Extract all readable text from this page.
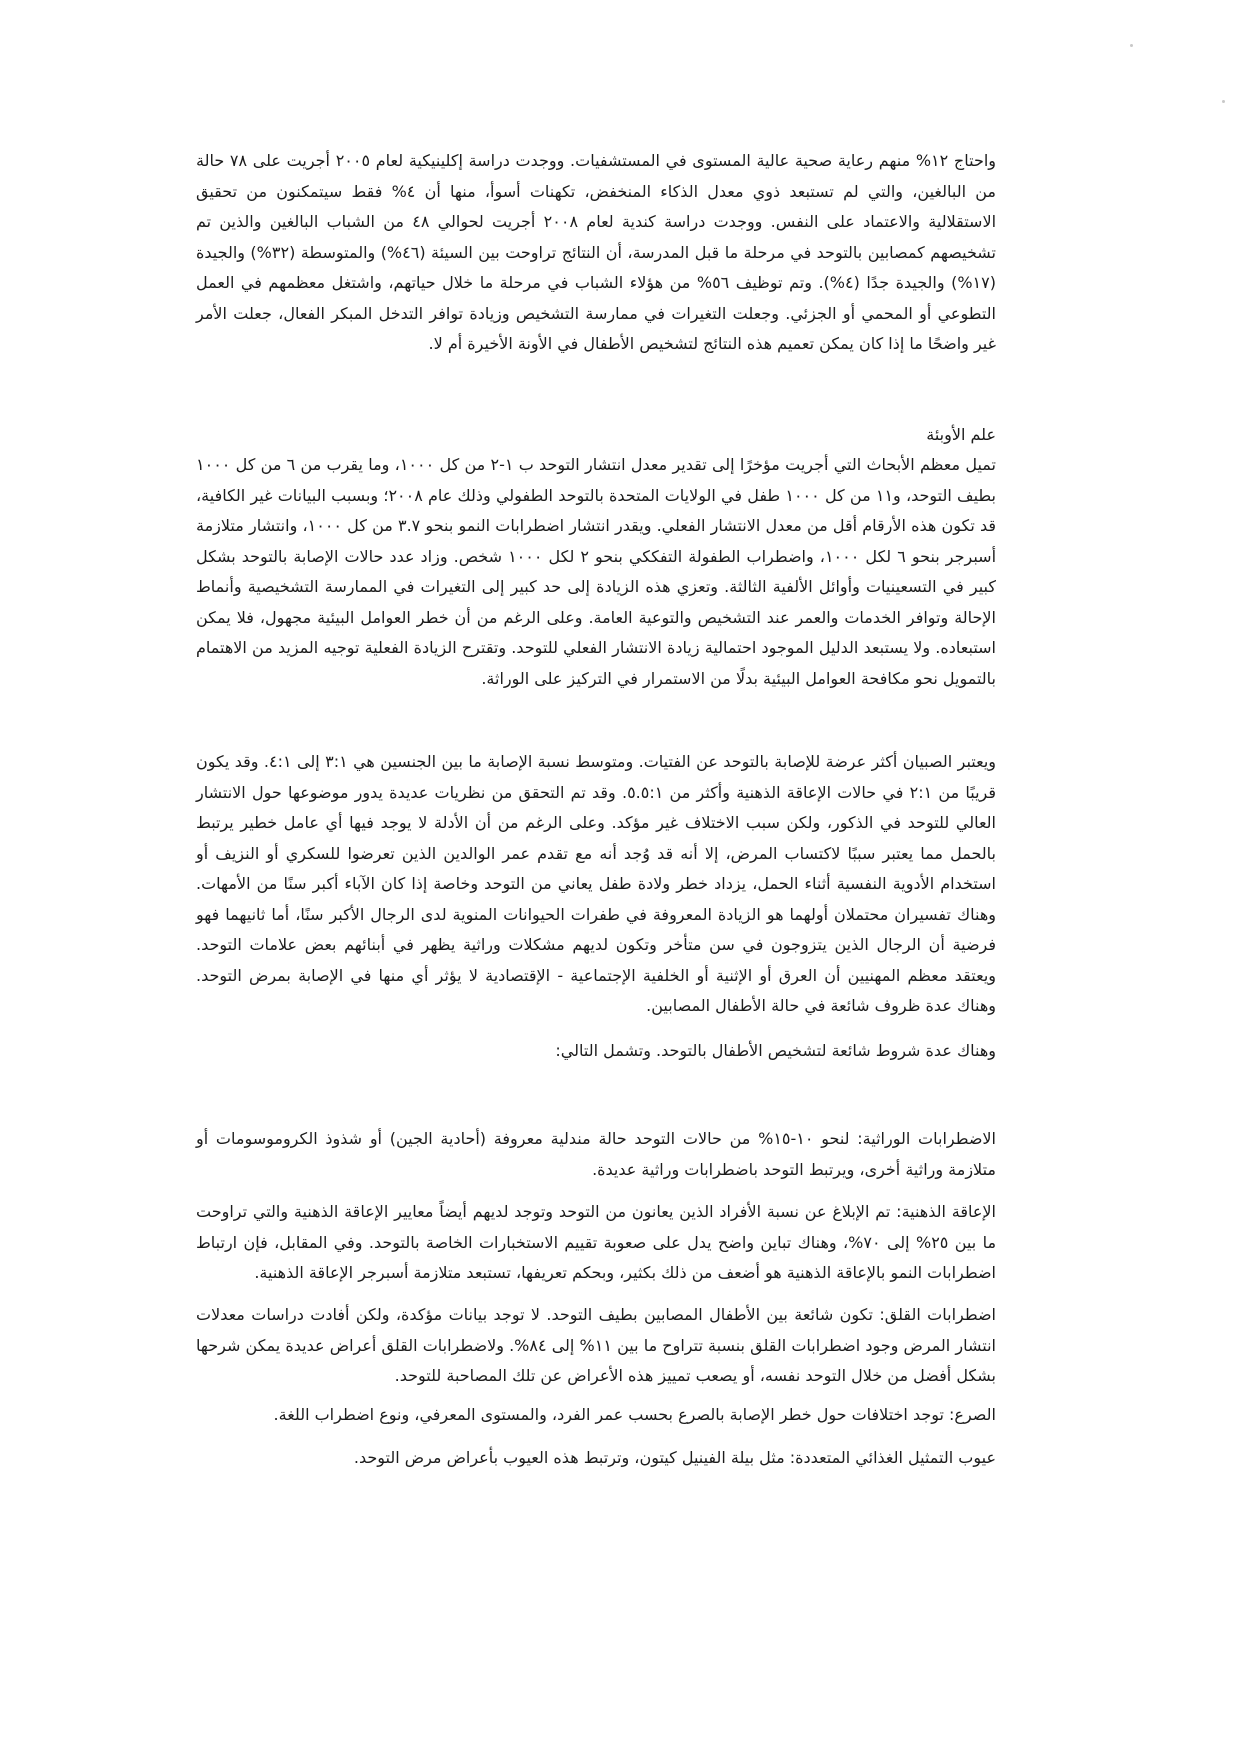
واحتاج ١٢% منهم رعاية صحية عالية المستوى في المستشفيات. ووجدت دراسة إكلينيكية لعام ٢٠٠٥ أجريت على ٧٨ حالة من البالغين، والتي لم تستبعد ذوي معدل الذكاء المنخفض، تكهنات أسوأ، منها أن ٤% فقط سيتمكنون من تحقيق الاستقلالية والاعتماد على النفس. ووجدت دراسة كندية لعام ٢٠٠٨ أجريت لحوالي ٤٨ من الشباب البالغين والذين تم تشخيصهم كمصابين بالتوحد في مرحلة ما قبل المدرسة، أن النتائج تراوحت بين السيئة (٤٦%) والمتوسطة (٣٢%) والجيدة (١٧%) والجيدة جدًا (٤%). وتم توظيف ٥٦% من هؤلاء الشباب في مرحلة ما خلال حياتهم، واشتغل معظمهم في العمل التطوعي أو المحمي أو الجزئي. وجعلت التغيرات في ممارسة التشخيص وزيادة توافر التدخل المبكر الفعال، جعلت الأمر غير واضحًا ما إذا كان يمكن تعميم هذه النتائج لتشخيص الأطفال في الأونة الأخيرة أم لا.

علم الأوبئة

تميل معظم الأبحاث التي أجريت مؤخرًا إلى تقدير معدل انتشار التوحد ب ١-٢ من كل ١٠٠٠، وما يقرب من ٦ من كل ١٠٠٠ بطيف التوحد، و١١ من كل ١٠٠٠ طفل في الولايات المتحدة بالتوحد الطفولي وذلك عام ٢٠٠٨؛ وبسبب البيانات غير الكافية، قد تكون هذه الأرقام أقل من معدل الانتشار الفعلي. ويقدر انتشار اضطرابات النمو بنحو ٣.٧ من كل ١٠٠٠، وانتشار متلازمة أسبرجر بنحو ٦ لكل ١٠٠٠، واضطراب الطفولة التفككي بنحو ٢ لكل ١٠٠٠ شخص. وزاد عدد حالات الإصابة بالتوحد بشكل كبير في التسعينيات وأوائل الألفية الثالثة. وتعزي هذه الزيادة إلى حد كبير إلى التغيرات في الممارسة التشخيصية وأنماط الإحالة وتوافر الخدمات والعمر عند التشخيص والتوعية العامة. وعلى الرغم من أن خطر العوامل البيئية مجهول، فلا يمكن استبعاده. ولا يستبعد الدليل الموجود احتمالية زيادة الانتشار الفعلي للتوحد. وتقترح الزيادة الفعلية توجيه المزيد من الاهتمام بالتمويل نحو مكافحة العوامل البيئية بدلًا من الاستمرار في التركيز على الوراثة.

ويعتبر الصبيان أكثر عرضة للإصابة بالتوحد عن الفتيات. ومتوسط نسبة الإصابة ما بين الجنسين هي ٣:١ إلى ٤:١. وقد يكون قريبًا من ٢:١ في حالات الإعاقة الذهنية وأكثر من ٥.٥:١. وقد تم التحقق من نظريات عديدة يدور موضوعها حول الانتشار العالي للتوحد في الذكور، ولكن سبب الاختلاف غير مؤكد. وعلى الرغم من أن الأدلة لا يوجد فيها أي عامل خطير يرتبط بالحمل مما يعتبر سببًا لاكتساب المرض، إلا أنه قد وُجد أنه مع تقدم عمر الوالدين الذين تعرضوا للسكري أو النزيف أو استخدام الأدوية النفسية أثناء الحمل، يزداد خطر ولادة طفل يعاني من التوحد وخاصة إذا كان الآباء أكبر سنًا من الأمهات. وهناك تفسيران محتملان أولهما هو الزيادة المعروفة في طفرات الحيوانات المنوية لدى الرجال الأكبر سنًا، أما ثانيهما فهو فرضية أن الرجال الذين يتزوجون في سن متأخر وتكون لديهم مشكلات وراثية يظهر في أبنائهم بعض علامات التوحد. ويعتقد معظم المهنيين أن العرق أو الإثنية أو الخلفية الإجتماعية - الإقتصادية لا يؤثر أي منها في الإصابة بمرض التوحد. وهناك عدة ظروف شائعة في حالة الأطفال المصابين.

وهناك عدة شروط شائعة لتشخيص الأطفال بالتوحد. وتشمل التالي:

الاضطرابات الوراثية: لنحو ١٠-١٥% من حالات التوحد حالة مندلية معروفة (أحادية الجين) أو شذوذ الكروموسومات أو متلازمة وراثية أخرى، ويرتبط التوحد باضطرابات وراثية عديدة.

الإعاقة الذهنية: تم الإبلاغ عن نسبة الأفراد الذين يعانون من التوحد وتوجد لديهم أيضاً معايير الإعاقة الذهنية والتي تراوحت ما بين ٢٥% إلى ٧٠%، وهناك تباين واضح يدل على صعوبة تقييم الاستخبارات الخاصة بالتوحد. وفي المقابل، فإن ارتباط اضطرابات النمو بالإعاقة الذهنية هو أضعف من ذلك بكثير، وبحكم تعريفها، تستبعد متلازمة أسبرجر الإعاقة الذهنية.

اضطرابات القلق: تكون شائعة بين الأطفال المصابين بطيف التوحد. لا توجد بيانات مؤكدة، ولكن أفادت دراسات معدلات انتشار المرض وجود اضطرابات القلق بنسبة تتراوح ما بين ١١% إلى ٨٤%. ولاضطرابات القلق أعراض عديدة يمكن شرحها بشكل أفضل من خلال التوحد نفسه، أو يصعب تمييز هذه الأعراض عن تلك المصاحبة للتوحد.

الصرع: توجد اختلافات حول خطر الإصابة بالصرع بحسب عمر الفرد، والمستوى المعرفي، ونوع اضطراب اللغة.

عيوب التمثيل الغذائي المتعددة: مثل بيلة الفينيل كيتون، وترتبط هذه العيوب بأعراض مرض التوحد.
